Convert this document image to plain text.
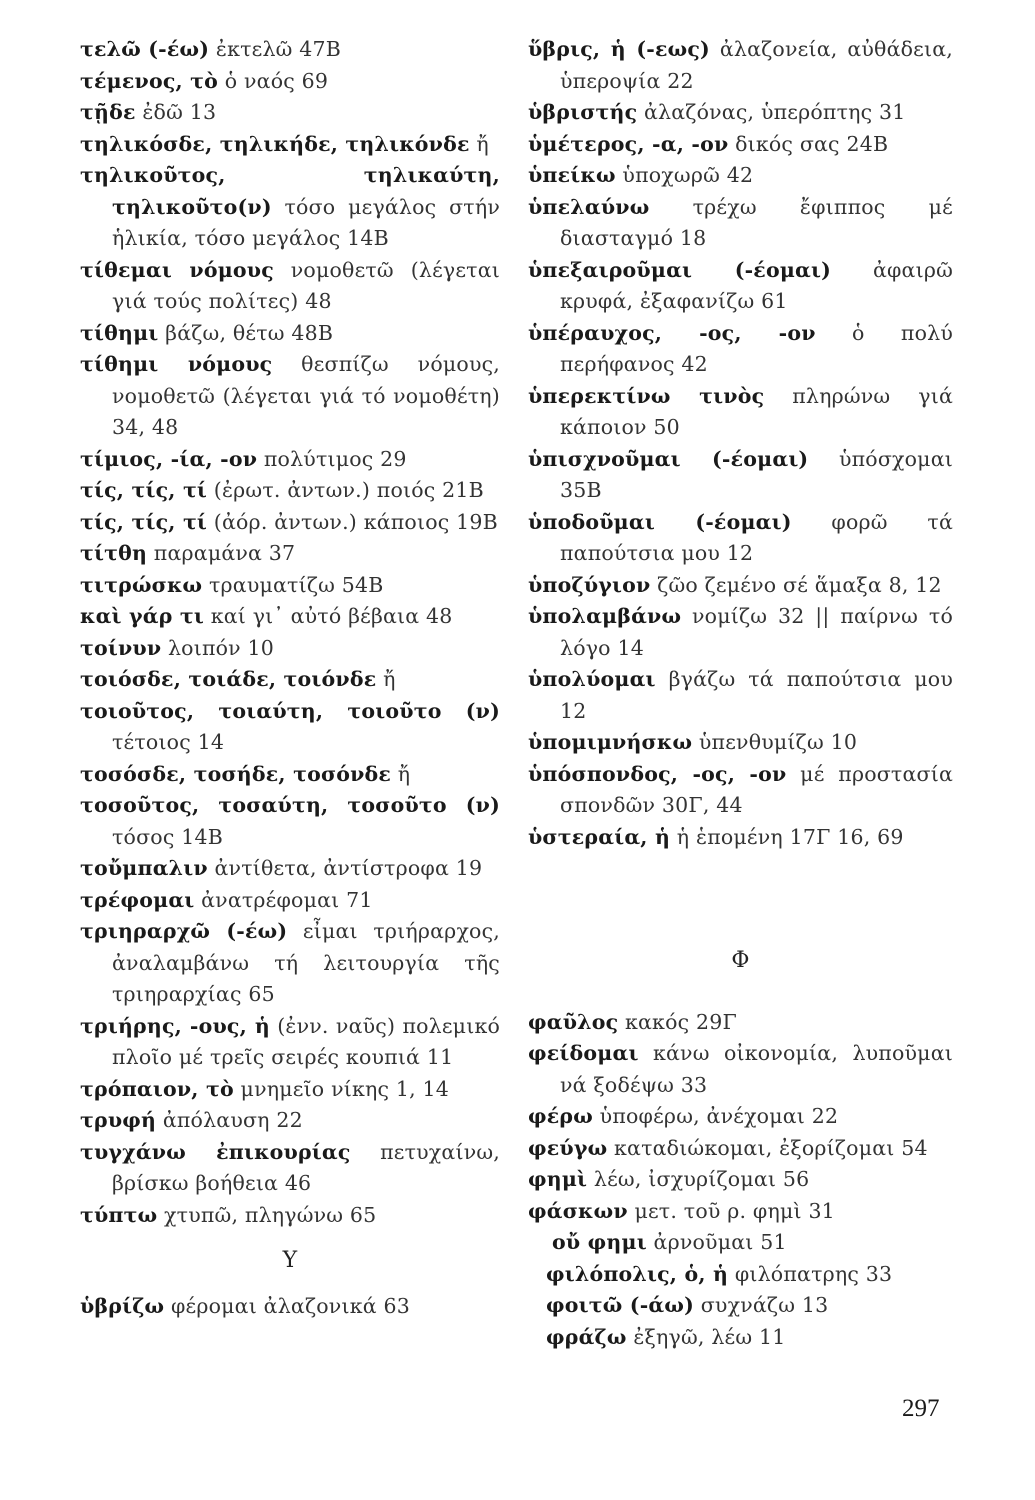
τελῶ (-έω) ἐκτελῶ 47Β
τέμενος, τὸ ὁ ναός 69
τῇδε ἐδῶ 13
τηλικόσδε, τηλικήδε, τηλικόνδε ἤ
τηλικοῦτος, τηλικαύτη, τηλικοῦτο(ν) τόσο μεγάλος στήν ἡλικία, τόσο μεγάλος 14Β
τίθεμαι νόμους νομοθετῶ (λέγεται γιά τούς πολίτες) 48
τίθημι βάζω, θέτω 48Β
τίθημι νόμους θεσπίζω νόμους, νομοθετῶ (λέγεται γιά τό νομοθέτη) 34, 48
τίμιος, -ία, -ον πολύτιμος 29
τίς, τίς, τί (ἐρωτ. ἀντων.) ποιός 21Β
τίς, τίς, τί (ἀόρ. ἀντων.) κάποιος 19Β
τίτθη παραμάνα 37
τιτρώσκω τραυματίζω 54Β
καὶ γάρ τι καί γι᾽ αὐτό βέβαια 48
τοίνυν λοιπόν 10
τοιόσδε, τοιάδε, τοιόνδε ἤ
τοιοῦτος, τοιαύτη, τοιοῦτο (ν) τέτοιος 14
τοσόσδε, τοσήδε, τοσόνδε ἤ
τοσοῦτος, τοσαύτη, τοσοῦτο (ν) τόσος 14Β
τοὔμπαλιν ἀντίθετα, ἀντίστροφα 19
τρέφομαι ἀνατρέφομαι 71
τριηραρχῶ (-έω) εἶμαι τριήραρχος, ἀναλαμβάνω τή λειτουργία τῆς τριηραρχίας 65
τριήρης, -ους, ἡ (ἐνν. ναῦς) πολεμικό πλοῖο μέ τρεῖς σειρές κουπιά 11
τρόπαιον, τὸ μνημεῖο νίκης 1, 14
τρυφή ἀπόλαυση 22
τυγχάνω ἐπικουρίας πετυχαίνω, βρίσκω βοήθεια 46
τύπτω χτυπῶ, πληγώνω 65
Υ
ὑβρίζω φέρομαι ἀλαζονικά 63
ὕβρις, ἡ (-εως) ἀλαζονεία, αὐθάδεια, ὑπεροψία 22
ὑβριστής ἀλαζόνας, ὑπερόπτης 31
ὑμέτερος, -α, -ον δικός σας 24Β
ὑπείκω ὑποχωρῶ 42
ὑπελαύνω τρέχω ἔφιππος μέ διασταγμό 18
ὑπεξαιροῦμαι (-έομαι) ἀφαιρῶ κρυφά, ἐξαφανίζω 61
ὑπέραυχος, -ος, -ον ὁ πολύ περήφανος 42
ὑπερεκτίνω τινὸς πληρώνω γιά κάποιον 50
ὑπισχνοῦμαι (-έομαι) ὑπόσχομαι 35Β
ὑποδοῦμαι (-έομαι) φορῶ τά παπούτσια μου 12
ὑποζύγιον ζῶο ζεμένο σέ ἅμαξα 8, 12
ὑπολαμβάνω νομίζω 32 || παίρνω τό λόγο 14
ὑπολύομαι βγάζω τά παπούτσια μου 12
ὑπομιμνήσκω ὑπενθυμίζω 10
ὑπόσπονδος, -ος, -ον μέ προστασία σπονδῶν 30Γ, 44
ὑστεραία, ἡ ἡ ἑπομένη 17Γ 16, 69
Φ
φαῦλος κακός 29Γ
φείδομαι κάνω οἰκονομία, λυποῦμαι νά ξοδέψω 33
φέρω ὑποφέρω, ἀνέχομαι 22
φεύγω καταδιώκομαι, ἐξορίζομαι 54
φημὶ λέω, ἰσχυρίζομαι 56
φάσκων μετ. τοῦ ρ. φημὶ 31
οὔ φημι ἀρνοῦμαι 51
φιλόπολις, ὁ, ἡ φιλόπατρης 33
φοιτῶ (-άω) συχνάζω 13
φράζω ἐξηγῶ, λέω 11
297
